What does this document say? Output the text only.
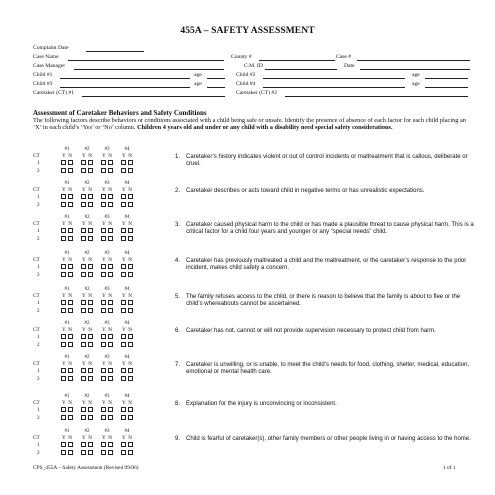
455A – SAFETY ASSESSMENT
Complaint Date
Case Name	County #	Case #
Case Manager	C.M. ID	Date
Child #1	age	Child #2	age
Child #3	age	Child #4	age
Caretaker (CT) #1	Caretaker (CT) #2
Assessment of Caretaker Behaviors and Safety Conditions
The following factors describe behaviors or conditions associated with a child being safe or unsafe. Identify the presence of absence of each factor for each child placing an ‘X’ in each child’s ‘Yes’ or ‘No’ column. Children 4 years old and under or any child with a disability need special safety considerations.
#1	#2	#3	#4
CT	Y N Y N Y N Y N
1
2
1. Caretaker’s history indicates violent or out of control incidents or maltreatment that is callous, deliberate or cruel.
#1	#2	#3	#4
CT	Y N Y N Y N Y N
1
2
2. Caretaker describes or acts toward child in negative terms or has unrealistic expectations.
#1	#2	#3	#4
CT	Y N Y N Y N Y N
1
2
3. Caretaker caused physical harm to the child or has made a plausible threat to cause physical harm. This is a critical factor for a child four years and younger or any “special needs” child.
#1	#2	#3	#4
CT	Y N Y N Y N Y N
1
2
4. Caretaker has previously maltreated a child and the maltreatment, or the caretaker’s response to the prior incident, makes child safety a concern.
#1	#2	#3	#4
CT	Y N Y N Y N Y N
1
2
5. The family refuses access to the child, or there is reason to believe that the family is about to flee or the child’s whereabouts cannot be ascertained.
#1	#2	#3	#4
CT	Y N Y N Y N Y N
1
2
6. Caretaker has not, cannot or will not provide supervision necessary to protect child from harm.
#1	#2	#3	#4
CT	Y N Y N Y N Y N
1
2
7. Caretaker is unwilling, or is unable, to meet the child’s needs for food, clothing, shelter, medical, education, emotional or mental health care.
#1	#2	#3	#4
CT	Y N Y N Y N Y N
1
2
8. Explanation for the injury is unconvincing or inconsistent.
#1	#2	#3	#4
CT	Y N Y N Y N Y N
1
2
9. Child is fearful of caretaker(s), other family members or other people living in or having access to the home.
CPS_455A – Safety Assessment (Revised 09/06)	1 of 1
